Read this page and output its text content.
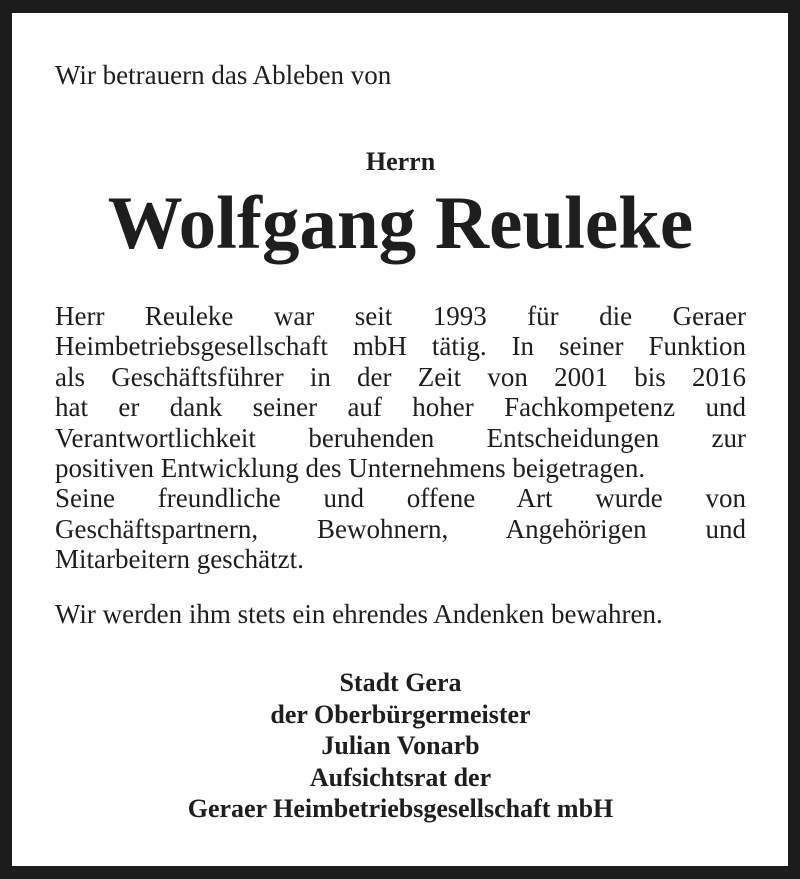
Wir betrauern das Ableben von
Herrn
Wolfgang Reuleke
Herr Reuleke war seit 1993 für die Geraer
Heimbetriebsgesellschaft mbH tätig. In seiner Funktion
als Geschäftsführer in der Zeit von 2001 bis 2016
hat er dank seiner auf hoher Fachkompetenz und
Verantwortlichkeit beruhenden Entscheidungen zur
positiven Entwicklung des Unternehmens beigetragen.
Seine freundliche und offene Art wurde von
Geschäftspartnern, Bewohnern, Angehörigen und
Mitarbeitern geschätzt.
Wir werden ihm stets ein ehrendes Andenken bewahren.
Stadt Gera
der Oberbürgermeister
Julian Vonarb
Aufsichtsrat der
Geraer Heimbetriebsgesellschaft mbH
